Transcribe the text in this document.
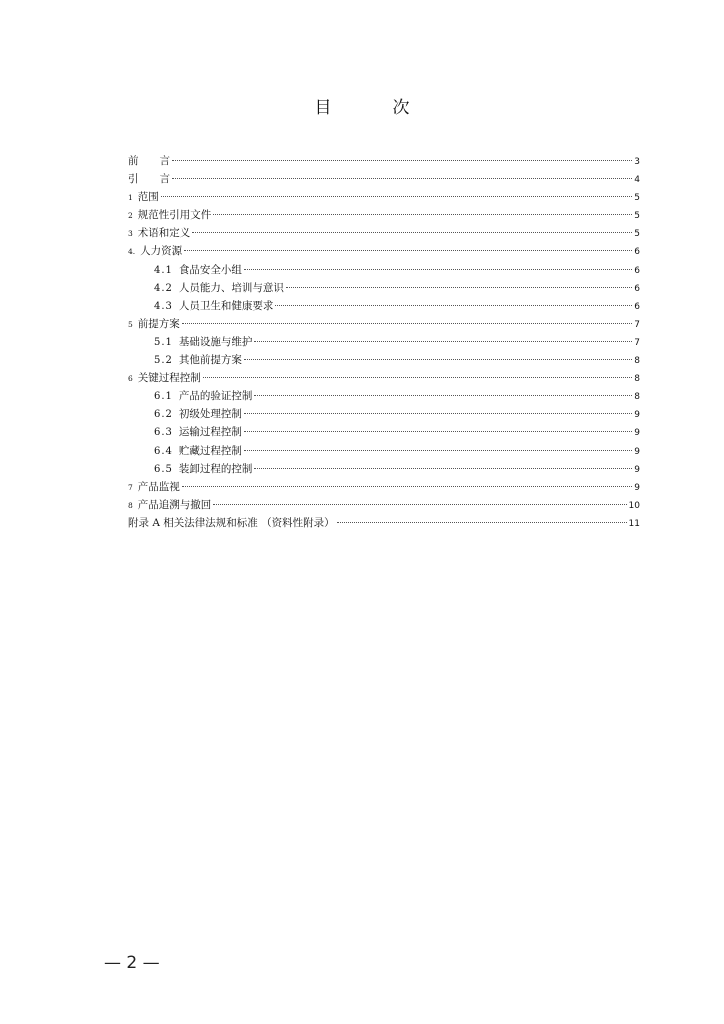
目　次
前　　言	3
引　　言	4
1 范围	5
2 规范性引用文件	5
3 术语和定义	5
4. 人力资源	6
4.1 食品安全小组	6
4.2 人员能力、培训与意识	6
4.3 人员卫生和健康要求	6
5 前提方案	7
5.1 基础设施与维护	7
5.2 其他前提方案	8
6 关键过程控制	8
6.1 产品的验证控制	8
6.2 初级处理控制	9
6.3 运输过程控制	9
6.4 贮藏过程控制	9
6.5 装卸过程的控制	9
7 产品监视	9
8 产品追溯与撤回	10
附录 A 相关法律法规和标准 （资料性附录）	11
— 2 —
